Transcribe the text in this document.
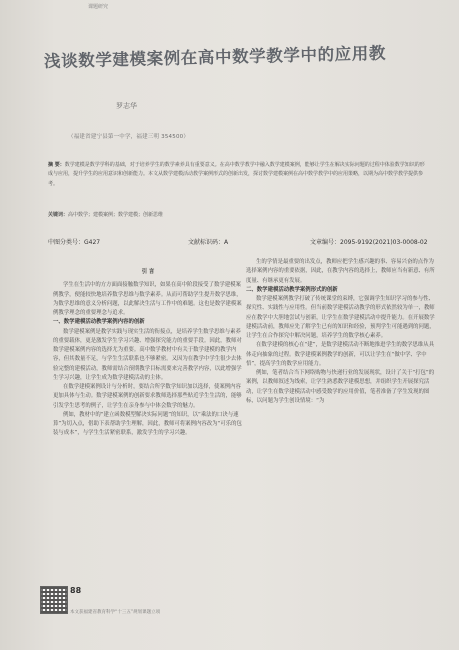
课题研究
浅谈数学建模案例在高中数学教学中的应用教
罗志华
（福建省建宁县第一中学，福建三明 354500）

摘 要：数学建模是数学学科的基础，对于培养学生的数学素养具有重要意义。在高中数学教学中融入数学建模案例，能够让学生在解决实际问题的过程中体验数学知识的形成与应用，提升学生的应用意识和创新能力。本文从数学建模活动教学案例形式的创新出发，探讨数学建模案例在高中数学教学中的应用策略，以期为高中数学教学提供参考。

关键词：高中数学；建模案例；数学建模；创新思维
中图分类号：G427	文献标识码：A	文章编号：2095-9192(2021)03-0008-02

引 言

学生在生活中的方方面面接触数学知识，如果在高中阶段接受了数学建模案例教学，便能较快地培养数学思维与数学素养。从而可帮助学生提升数学思维，为数学思维的意义分析问题，以此解决生活与工作中的难题。这也是数学建模案例教学理念的重要理念与追求。

一、数学建模活动教学案例内容的创新

数学建模案例是教学实践与现实生活的衔接点，是培养学生数学思维与素养的重要载体，更是激发学生学习兴趣、增强探究能力的重要手段。因此，教师对数学建模案例内容的选择尤为重要。高中数学教材中有关于数学建模的教学内容，但其数量不足，与学生生活联系也不够紧密。又因为在教学中学生很少去体验完整的建模活动，教师需结合预期教学目标需要来完善教学内容，以此增强学生学习兴趣，让学生成为数学建模活动的主体。

在数学建模案例设计与分析时，要结合所学数学知识加以选择，使案例内容更加具体与生动。数学建模案例的创新要求教师选择那些贴近学生生活的，能够引发学生思考的例子，让学生在亲身参与中体会数学的魅力。

例如，教材中的“建立函数模型解决实际问题”的知识，以“乘法的口诀与速算”为切入点，借助下表帮助学生理解，因此，教师可将案例内容改为“可乐的包装与成本”，与学生生活紧密联系，激发学生的学习兴趣。

生的学情是最重要的出发点，教师应把学生感兴趣的事、容易兴奋的点作为选择案例内容的重要依据，因此，在教学内容的选择上，教师应当有新意、有所度量、有继承更有发展。

二、数学建模活动教学案例形式的创新

数学建模案例教学打破了传统课堂的束缚，它强调学生知识学习的参与性、探究性、实践性与应用性。但当前数学建模活动教学的形式依然较为单一，教师应在教学中大胆地尝试与创新，让学生在数学建模活动中提升能力。在开展数学建模活动前，教师应先了解学生已有的知识和经验，预判学生可能遇到的问题，让学生在合作探究中解决问题，培养学生的数学核心素养。

在数学建模的核心在“建”，是数学建模活动不断地推进学生的数学思维从具体走向抽象的过程。数学建模案例教学的创新，可以让学生在“做中学、学中悟”，提高学生的数学应用能力。

例如，笔者结合当下网络购物与快递行业的发展现状，设计了关于“打包”的案例，以教师叙述为线索，让学生熟悉数学建模思想，并组织学生开展探究活动，让学生在数学建模活动中感受数学的应用价值，笔者准备了学生发现的图标，以问题为学生创设情境：“为

88
本文获福建省教育科学“十三五”规划课题立项
